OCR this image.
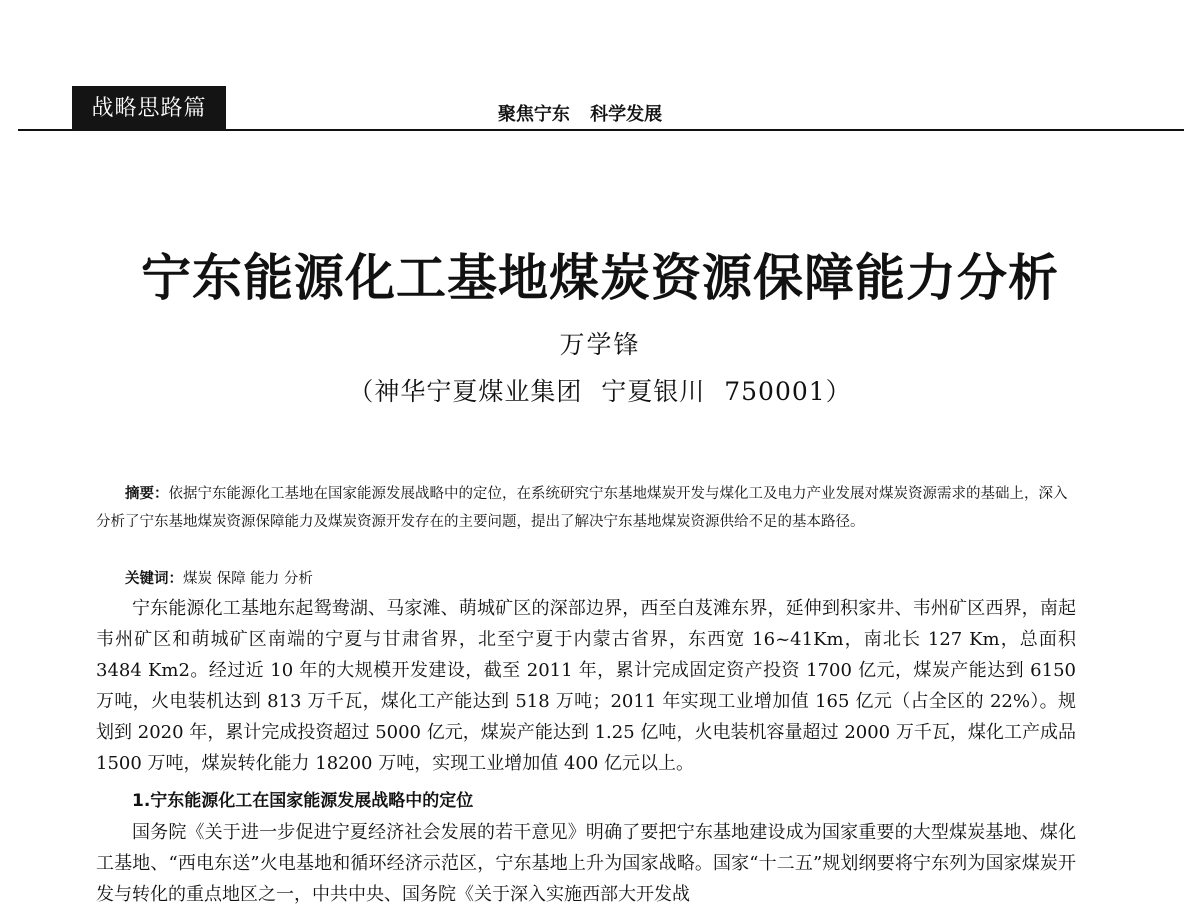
战略思路篇	聚焦宁东 科学发展
宁东能源化工基地煤炭资源保障能力分析
万学锋
（神华宁夏煤业集团 宁夏银川 750001）

摘要：依据宁东能源化工基地在国家能源发展战略中的定位，在系统研究宁东基地煤炭开发与煤化工及电力产业发展对煤炭资源需求的基础上，深入分析了宁东基地煤炭资源保障能力及煤炭资源开发存在的主要问题，提出了解决宁东基地煤炭资源供给不足的基本路径。

关键词：煤炭 保障 能力 分析

宁东能源化工基地东起鸳鸯湖、马家滩、萌城矿区的深部边界，西至白芨滩东界，延伸到积家井、韦州矿区西界，南起韦州矿区和萌城矿区南端的宁夏与甘肃省界，北至宁夏于内蒙古省界，东西宽 16~41Km，南北长 127 Km，总面积 3484 Km2。经过近 10 年的大规模开发建设，截至 2011 年，累计完成固定资产投资 1700 亿元，煤炭产能达到 6150 万吨，火电装机达到 813 万千瓦，煤化工产能达到 518 万吨；2011 年实现工业增加值 165 亿元（占全区的 22%）。规划到 2020 年，累计完成投资超过 5000 亿元，煤炭产能达到 1.25 亿吨，火电装机容量超过 2000 万千瓦，煤化工产成品 1500 万吨，煤炭转化能力 18200 万吨，实现工业增加值 400 亿元以上。

1.宁东能源化工在国家能源发展战略中的定位

国务院《关于进一步促进宁夏经济社会发展的若干意见》明确了要把宁东基地建设成为国家重要的大型煤炭基地、煤化工基地、“西电东送”火电基地和循环经济示范区，宁东基地上升为国家战略。国家“十二五”规划纲要将宁东列为国家煤炭开发与转化的重点地区之一，中共中央、国务院《关于深入实施西部大开发战
